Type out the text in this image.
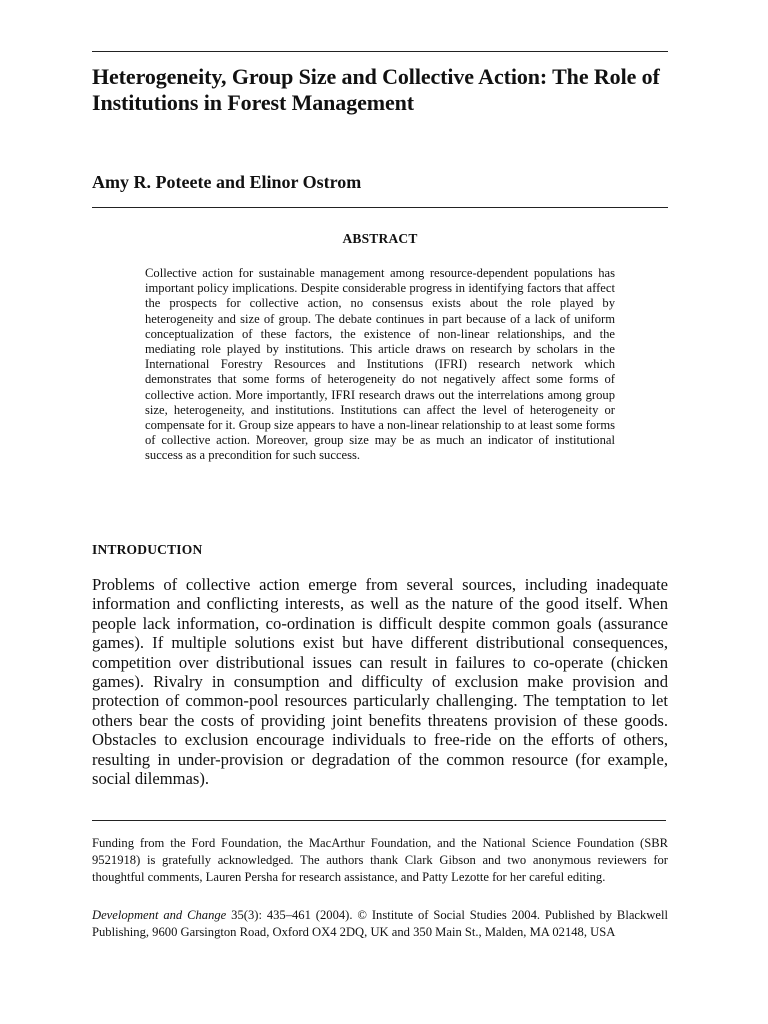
Heterogeneity, Group Size and Collective Action: The Role of Institutions in Forest Management
Amy R. Poteete and Elinor Ostrom
ABSTRACT

Collective action for sustainable management among resource-dependent populations has important policy implications. Despite considerable progress in identifying factors that affect the prospects for collective action, no consensus exists about the role played by heterogeneity and size of group. The debate continues in part because of a lack of uniform conceptualization of these factors, the existence of non-linear relationships, and the mediating role played by institutions. This article draws on research by scholars in the International Forestry Resources and Institutions (IFRI) research network which demonstrates that some forms of heterogeneity do not negatively affect some forms of collective action. More importantly, IFRI research draws out the interrelations among group size, heterogeneity, and institutions. Institutions can affect the level of heterogeneity or compensate for it. Group size appears to have a non-linear relationship to at least some forms of collective action. Moreover, group size may be as much an indicator of institutional success as a precondition for such success.

INTRODUCTION

Problems of collective action emerge from several sources, including inadequate information and conflicting interests, as well as the nature of the good itself. When people lack information, co-ordination is difficult despite common goals (assurance games). If multiple solutions exist but have different distributional consequences, competition over distributional issues can result in failures to co-operate (chicken games). Rivalry in consumption and difficulty of exclusion make provision and protection of common-pool resources particularly challenging. The temptation to let others bear the costs of providing joint benefits threatens provision of these goods. Obstacles to exclusion encourage individuals to free-ride on the efforts of others, resulting in under-provision or degradation of the common resource (for example, social dilemmas).

Funding from the Ford Foundation, the MacArthur Foundation, and the National Science Foundation (SBR 9521918) is gratefully acknowledged. The authors thank Clark Gibson and two anonymous reviewers for thoughtful comments, Lauren Persha for research assistance, and Patty Lezotte for her careful editing.

Development and Change 35(3): 435–461 (2004). © Institute of Social Studies 2004. Published by Blackwell Publishing, 9600 Garsington Road, Oxford OX4 2DQ, UK and 350 Main St., Malden, MA 02148, USA
